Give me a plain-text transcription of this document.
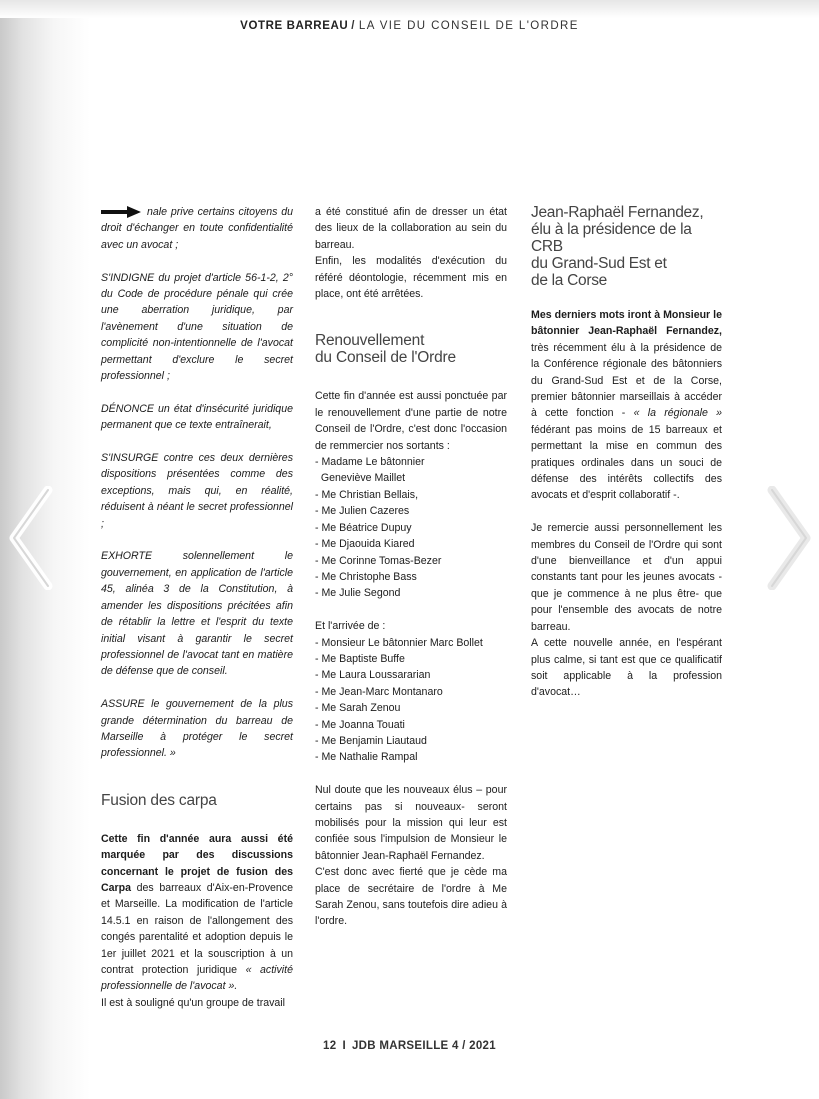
VOTRE BARREAU / LA VIE DU CONSEIL DE L'ORDRE

nale prive certains citoyens du droit d'échanger en toute confidentialité avec un avocat ;

S'INDIGNE du projet d'article 56-1-2, 2° du Code de procédure pénale qui crée une aberration juridique, par l'avènement d'une situation de complicité non-intentionnelle de l'avocat permettant d'exclure le secret professionnel ;

DÉNONCE un état d'insécurité juridique permanent que ce texte entraînerait,

S'INSURGE contre ces deux dernières dispositions présentées comme des exceptions, mais qui, en réalité, réduisent à néant le secret professionnel ;

EXHORTE solennellement le gouvernement, en application de l'article 45, alinéa 3 de la Constitution, à amender les dispositions précitées afin de rétablir la lettre et l'esprit du texte initial visant à garantir le secret professionnel de l'avocat tant en matière de défense que de conseil.

ASSURE le gouvernement de la plus grande détermination du barreau de Marseille à protéger le secret professionnel. »

Fusion des carpa

Cette fin d'année aura aussi été marquée par des discussions concernant le projet de fusion des Carpa des barreaux d'Aix-en-Provence et Marseille. La modification de l'article 14.5.1 en raison de l'allongement des congés parentalité et adoption depuis le 1er juillet 2021 et la souscription à un contrat protection juridique « activité professionnelle de l'avocat ».

Il est à souligné qu'un groupe de travail

a été constitué afin de dresser un état des lieux de la collaboration au sein du barreau.

Enfin, les modalités d'exécution du référé déontologie, récemment mis en place, ont été arrêtées.

Renouvellement
du Conseil de l'Ordre

Cette fin d'année est aussi ponctuée par le renouvellement d'une partie de notre Conseil de l'Ordre, c'est donc l'occasion de remmercier nos sortants :

- Madame Le bâtonnier

Geneviève Maillet

- Me Christian Bellais,

- Me Julien Cazeres

- Me Béatrice Dupuy

- Me Djaouida Kiared

- Me Corinne Tomas-Bezer

- Me Christophe Bass

- Me Julie Segond

Et l'arrivée de :

- Monsieur Le bâtonnier Marc Bollet

- Me Baptiste Buffe

- Me Laura Loussararian

- Me Jean-Marc Montanaro

- Me Sarah Zenou

- Me Joanna Touati

- Me Benjamin Liautaud

- Me Nathalie Rampal

Nul doute que les nouveaux élus – pour certains pas si nouveaux- seront mobilisés pour la mission qui leur est confiée sous l'impulsion de Monsieur le bâtonnier Jean-Raphaël Fernandez.

C'est donc avec fierté que je cède ma place de secrétaire de l'ordre à Me Sarah Zenou, sans toutefois dire adieu à l'ordre.

Jean-Raphaël Fernandez,
élu à la présidence de la CRB
du Grand-Sud Est et
de la Corse

Mes derniers mots iront à Monsieur le bâtonnier Jean-Raphaël Fernandez, très récemment élu à la présidence de la Conférence régionale des bâtonniers du Grand-Sud Est et de la Corse, premier bâtonnier marseillais à accéder à cette fonction - « la régionale » fédérant pas moins de 15 barreaux et permettant la mise en commun des pratiques ordinales dans un souci de défense des intérêts collectifs des avocats et d'esprit collaboratif -.

Je remercie aussi personnellement les membres du Conseil de l'Ordre qui sont d'une bienveillance et d'un appui constants tant pour les jeunes avocats -que je commence à ne plus être- que pour l'ensemble des avocats de notre barreau.

A cette nouvelle année, en l'espérant plus calme, si tant est que ce qualificatif soit applicable à la profession d'avocat…

12 I JDB MARSEILLE 4 / 2021
